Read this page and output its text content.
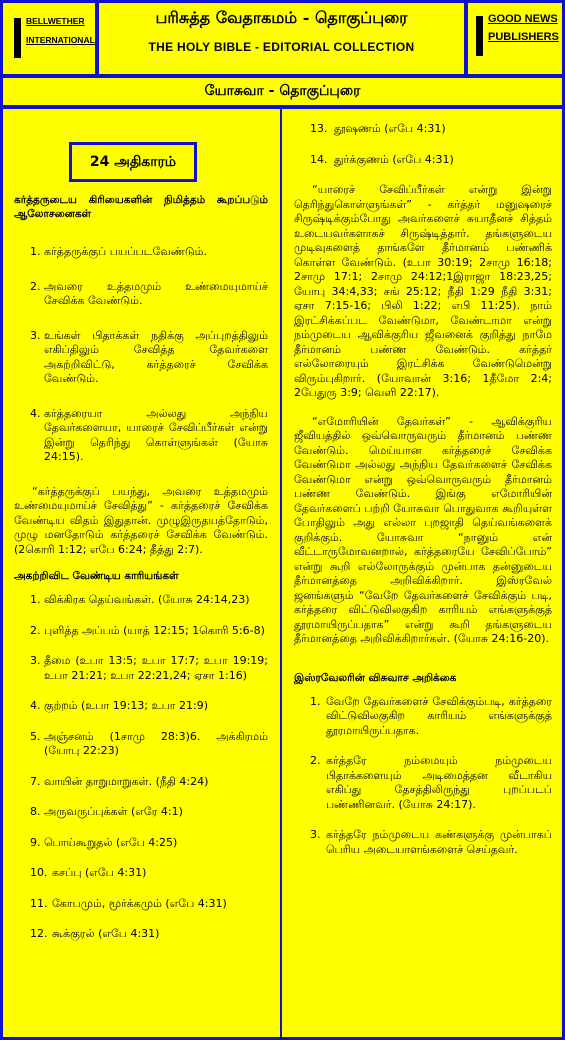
BELLWETHER
INTERNATIONAL
பரிசுத்த வேதாகமம் - தொகுப்புரை
THE HOLY BIBLE - EDITORIAL COLLECTION
GOOD NEWS
PUBLISHERS
யோசுவா - தொகுப்புரை
24 அதிகாரம்

கர்த்தருடைய கிரியைகளின் நிமித்தம் கூறப்படும் ஆலோசனைகள்

1. கர்த்தருக்குப் பயப்படவேண்டும்.
2. அவரை உத்தமமும் உண்மையுமாய்ச் சேவிக்க வேண்டும்.
3. உங்கள் பிதாக்கள் நதிக்கு அப்புறத்திலும் எகிப்திலும் சேவித்த தேவர்களை அகற்றிவிட்டு, கர்த்தரைச் சேவிக்க வேண்டும்.
4. கர்த்தரையா அல்லது அந்நிய தேவர்களையா, யாரைச் சேவிப்பீர்கள் என்று இன்று தெரிந்து கொள்ளுங்கள் (யோசு 24:15).

“கர்த்தருக்குப் பயந்து, அவரை உத்தமமும் உண்மையுமாய்ச் சேவித்து” - கர்த்தரைச் சேவிக்க வேண்டிய விதம் இதுதான். முழுஇருதயத்தோடும், முழு மனதோடும் கர்த்தரைச் சேவிக்க வேண்டும். (2கொரி 1:12; எபே 6:24; தீத்து 2:7).

அகற்றிவிட வேண்டிய காரியங்கள்

1. விக்கிரக தெய்வங்கள். (யோசு 24:14,23)
2. புளித்த அப்பம் (யாத் 12:15; 1கொரி 5:6-8)
3. தீமை (உபா 13:5; உபா 17:7; உபா 19:19; உபா 21:21; உபா 22:21,24; ஏசா 1:16)
4. குற்றம் (உபா 19:13; உபா 21:9)
5. அஞ்சனம் (1சாமு 28:3)6. அக்கிரமம் (யோபு 22:23)
7. வாயின் தாறுமாறுகள். (நீதி 4:24)
8. அருவருப்புக்கள் (எரே 4:1)
9. பொய்கூறுதல் (எபே 4:25)
10. கசப்பு (எபே 4:31)
11. கோபமும், மூர்க்கமும் (எபே 4:31)
12. கூக்குரல் (எபே 4:31)
13. தூஷணம் (எபே 4:31)
14. துர்க்குணம் (எபே 4:31)

“யாரைச் சேவிப்பீர்கள் என்று இன்று தெரிந்துகொள்ளுங்கள்” - கர்த்தர் மனுஷரைச் சிருஷ்டிக்கும்போது அவர்களைச் சுயாதீனச் சித்தம் உடையவர்களாகச் சிருஷ்டித்தார். தங்களுடைய முடிவுகளைத் தாங்களே தீர்மானம் பண்ணிக் கொள்ள வேண்டும். (உபா 30:19; 2சாமு 16:18; 2சாமு 17:1; 2சாமு 24:12;1இராஜா 18:23,25; யோபு 34:4,33; சங் 25:12; நீதி 1:29 நீதி 3:31; ஏசா 7:15-16; பிலி 1:22; எபி 11:25). நாம் இரட்சிக்கப்பட வேண்டுமா, வேண்டாமா என்று நம்முடைய ஆவிக்குரிய ஜீவனைக் குறித்து நாமே தீர்மானம் பண்ண வேண்டும். கர்த்தர் எல்லோரையும் இரட்சிக்க வேண்டுமென்று விரும்புகிறார். (யோவான் 3:16; 1தீமோ 2:4; 2பேதுரு 3:9; வெளி 22:17).

“எமோரியின் தேவர்கள்” - ஆவிக்குரிய ஜீவியத்தில் ஒவ்வொருவரும் தீர்மானம் பண்ண வேண்டும். மெய்யான கர்த்தரைச் சேவிக்க வேண்டுமா அல்லது அந்நிய தேவர்களைச் சேவிக்க வேண்டுமா என்று ஒவ்வொருவரும் தீர்மானம் பண்ண வேண்டும். இங்கு எமோரியின் தேவர்களைப் பற்றி யோசுவா பொதுவாக கூறியுள்ள போதிலும் அது எல்லா புறஜாதி தெய்வங்களைக் குறிக்கும். யோசுவா “நானும் என் வீட்டாருமோவனறால், கர்த்தரையே சேவிப்போம்” என்று கூறி எல்லோருக்கும் முன்பாக தன்னுடைய தீர்மானத்தை அறிவிக்கிறார். இஸ்ரவேல் ஜனங்களும் “வேறே தேவர்களைச் சேவிக்கும் படி, கர்த்தரை விட்டுவிலகுகிற காரியம் எங்களுக்குத் தூரமாயிருப்பதாக” என்று கூறி தங்களுடைய தீர்மானத்தை அறிவிக்கிறார்கள். (யோசு 24:16-20).

இஸ்ரவேலரின் விசுவாச அறிக்கை

1. வேறே தேவர்களைச் சேவிக்கும்படி, கர்த்தரை விட்டுவிலகுகிற காரியம் எங்களுக்குத் தூரமாயிருப்பதாக.
2. கர்த்தரே நம்மையும் நம்முடைய பிதாக்களையும் அடிமைத்தன வீடாகிய எகிப்து தேசத்திலிருந்து புறப்படப் பண்ணினவர். (யோசு 24:17).
3. கர்த்தரே நம்முடைய கண்களுக்கு முன்பாகப் பெரிய அடையாளங்களைச் செய்தவர்.
